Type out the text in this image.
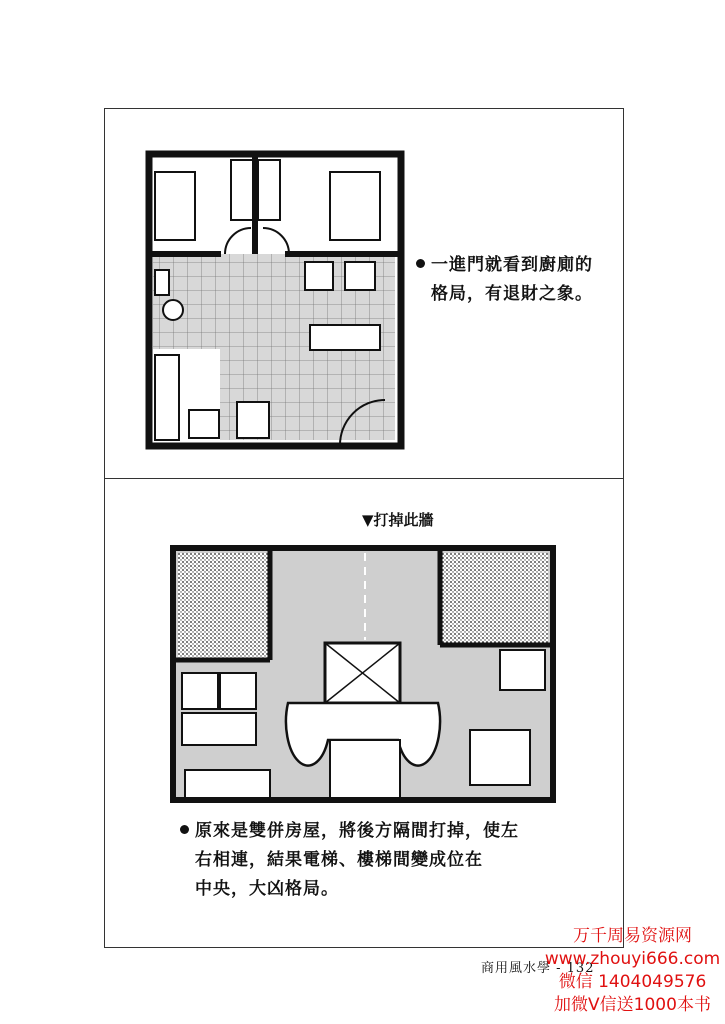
一進門就看到廚廁的
格局，有退財之象。
▼打掉此牆
原來是雙併房屋，將後方隔間打掉，使左
右相連，結果電梯、樓梯間變成位在
中央，大凶格局。
商用風水學 - 132
万千周易资源网
www.zhouyi666.com
微信 1404049576
加微V信送1000本书
